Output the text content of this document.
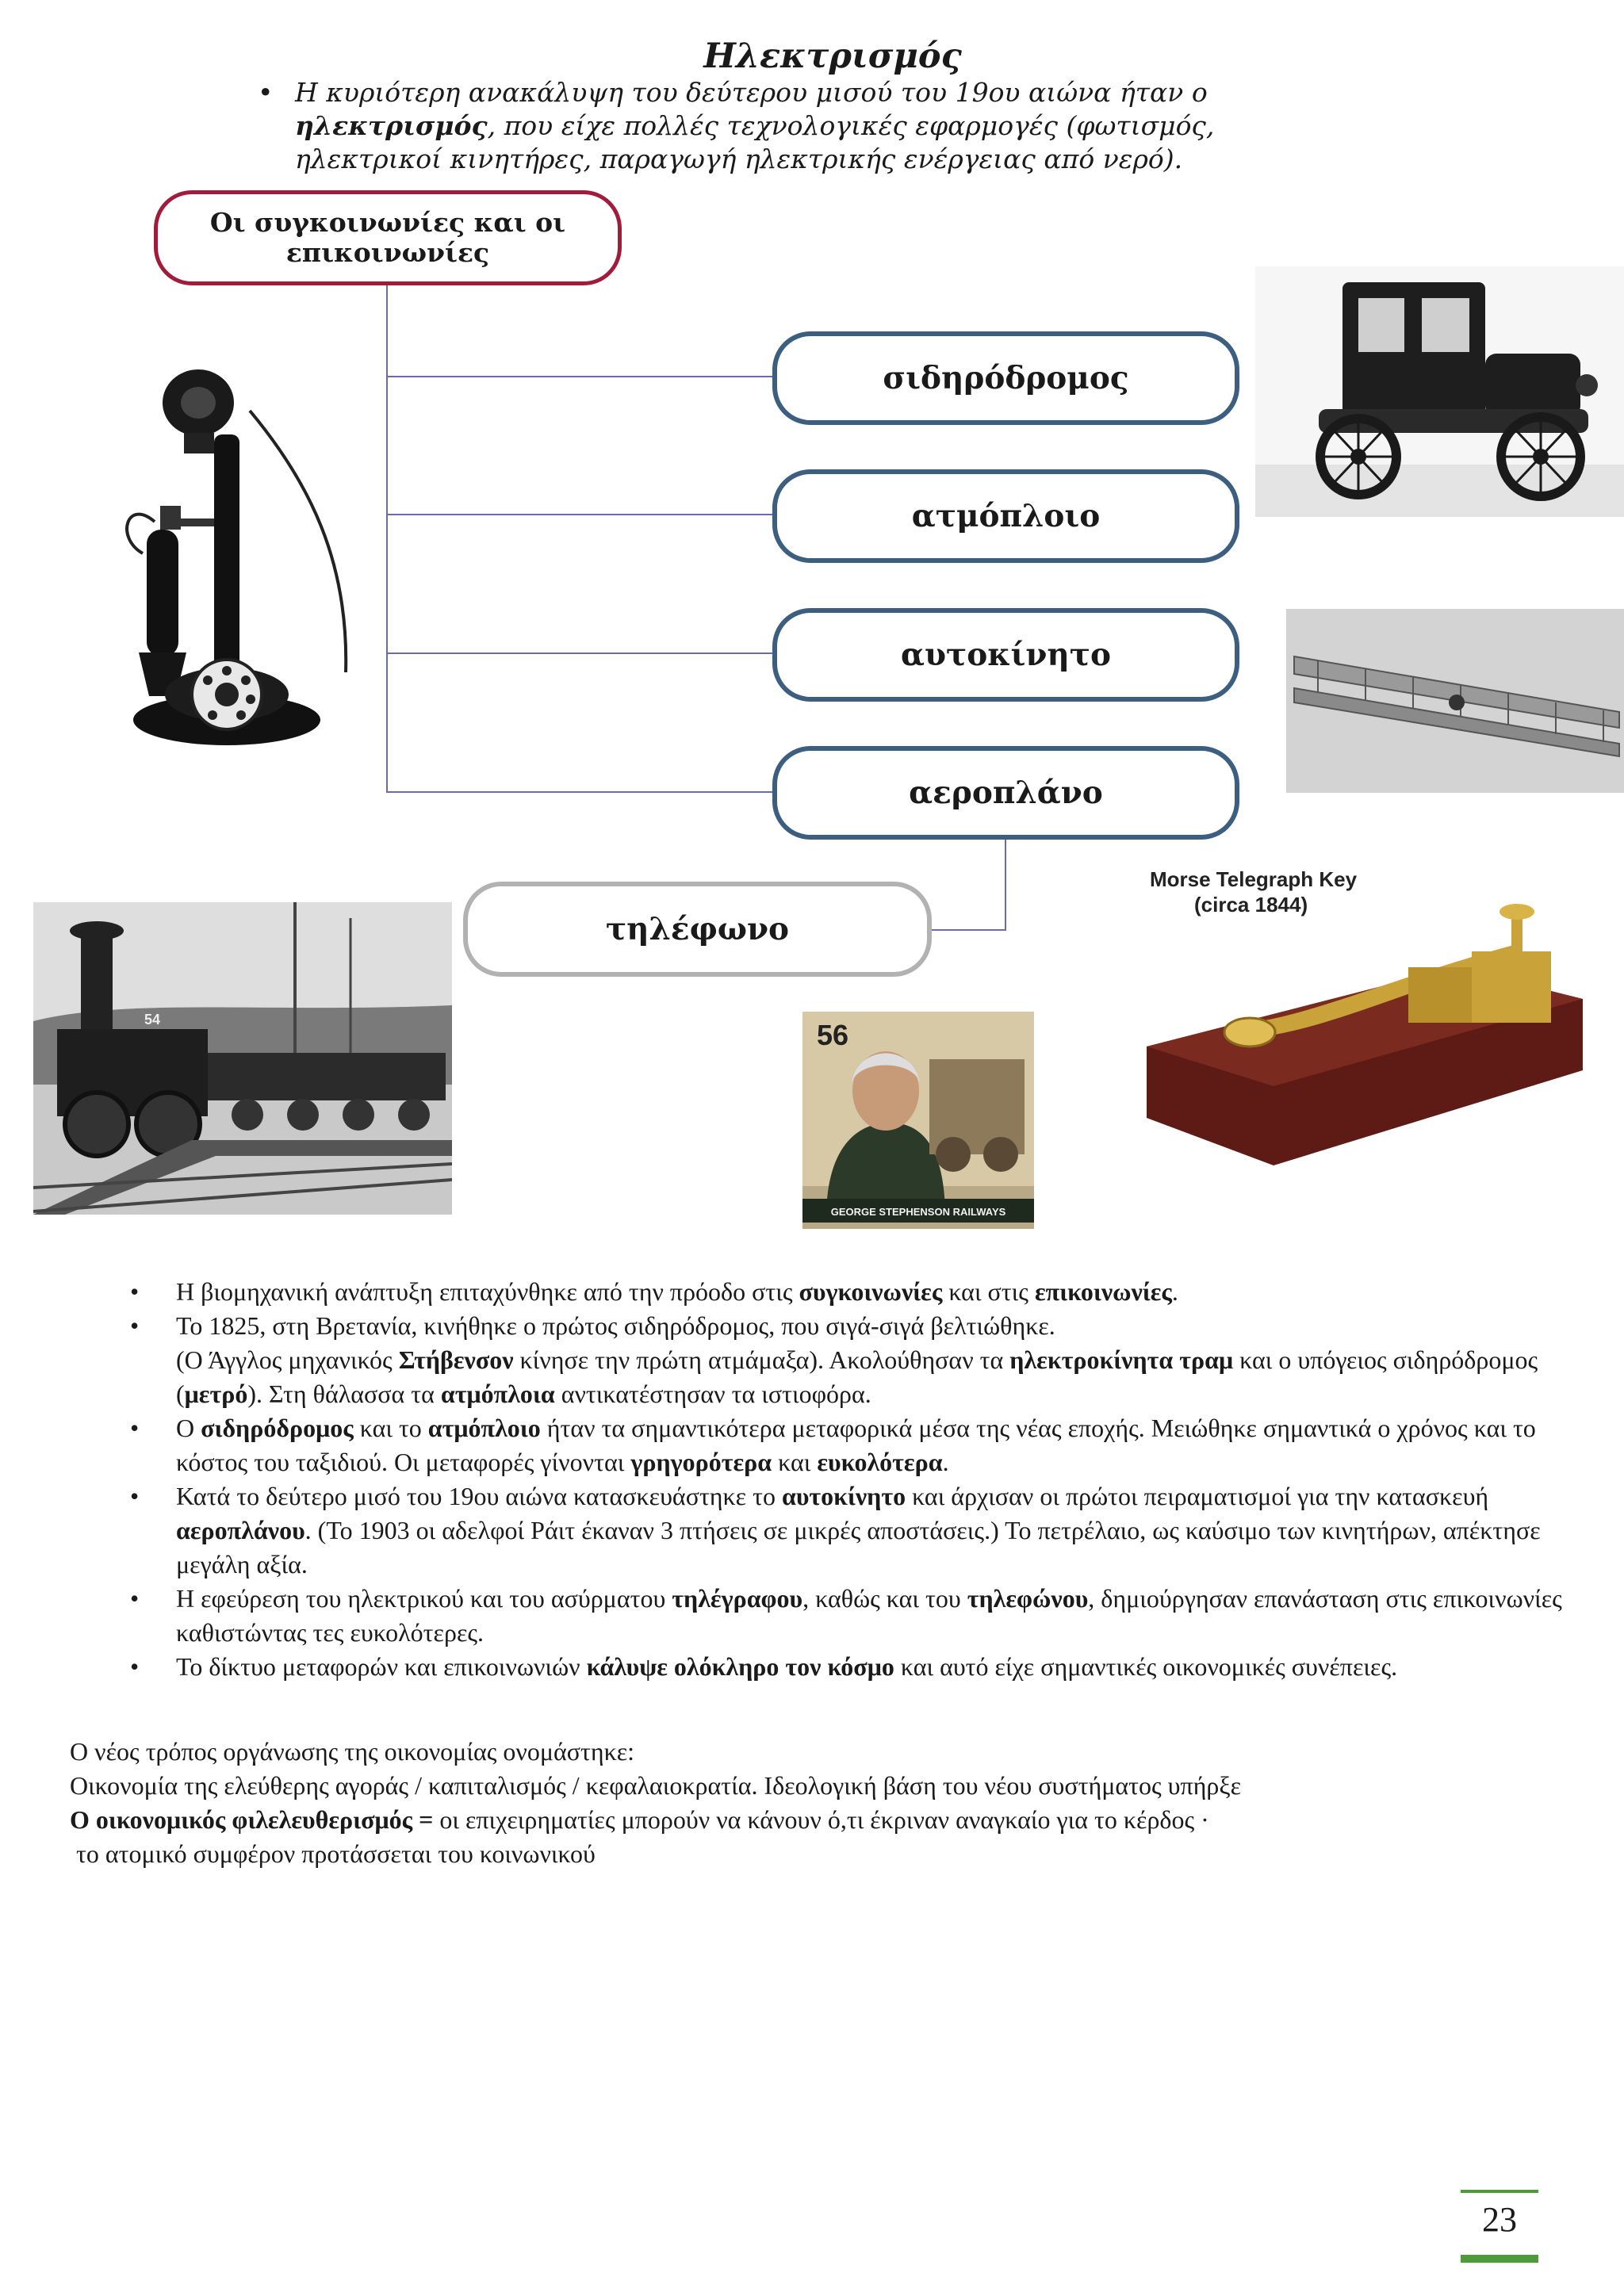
Ηλεκτρισμός
• Η κυριότερη ανακάλυψη του δεύτερου μισού του 19ου αιώνα ήταν ο ηλεκτρισμός, που είχε πολλές τεχνολογικές εφαρμογές (φωτισμός, ηλεκτρικοί κινητήρες, παραγωγή ηλεκτρικής ενέργειας από νερό).
Οι συγκοινωνίες και οι επικοινωνίες
σιδηρόδρομος
ατμόπλοιο
αυτοκίνητο
αεροπλάνο
τηλέφωνο
54	56
GEORGE STEPHENSON RAILWAYS
Morse Telegraph Key
(circa 1844)
• Η βιομηχανική ανάπτυξη επιταχύνθηκε από την πρόοδο στις συγκοινωνίες και στις επικοινωνίες.

• Το 1825, στη Βρετανία, κινήθηκε ο πρώτος σιδηρόδρομος, που σιγά-σιγά βελτιώθηκε.
(Ο Άγγλος μηχανικός Στήβενσον κίνησε την πρώτη ατμάμαξα). Ακολούθησαν τα ηλεκτροκίνητα τραμ και ο υπόγειος σιδηρόδρομος (μετρό). Στη θάλασσα τα ατμόπλοια αντικατέστησαν τα ιστιοφόρα.

• Ο σιδηρόδρομος και το ατμόπλοιο ήταν τα σημαντικότερα μεταφορικά μέσα της νέας εποχής. Μειώθηκε σημαντικά ο χρόνος και το κόστος του ταξιδιού. Οι μεταφορές γίνονται γρηγορότερα και ευκολότερα.

• Κατά το δεύτερο μισό του 19ου αιώνα κατασκευάστηκε το αυτοκίνητο και άρχισαν οι πρώτοι πειραματισμοί για την κατασκευή αεροπλάνου. (Το 1903 οι αδελφοί Ράιτ έκαναν 3 πτήσεις σε μικρές αποστάσεις.) Το πετρέλαιο, ως καύσιμο των κινητήρων, απέκτησε μεγάλη αξία.

• Η εφεύρεση του ηλεκτρικού και του ασύρματου τηλέγραφου, καθώς και του τηλεφώνου, δημιούργησαν επανάσταση στις επικοινωνίες καθιστώντας τες ευκολότερες.

• Το δίκτυο μεταφορών και επικοινωνιών κάλυψε ολόκληρο τον κόσμο και αυτό είχε σημαντικές οικονομικές συνέπειες.

Ο νέος τρόπος οργάνωσης της οικονομίας ονομάστηκε:

Οικονομία της ελεύθερης αγοράς / καπιταλισμός / κεφαλαιοκρατία. Ιδεολογική βάση του νέου συστήματος υπήρξε

Ο οικονομικός φιλελευθερισμός = οι επιχειρηματίες μπορούν να κάνουν ό,τι έκριναν αναγκαίο για το κέρδος ·

το ατομικό συμφέρον προτάσσεται του κοινωνικού

23
